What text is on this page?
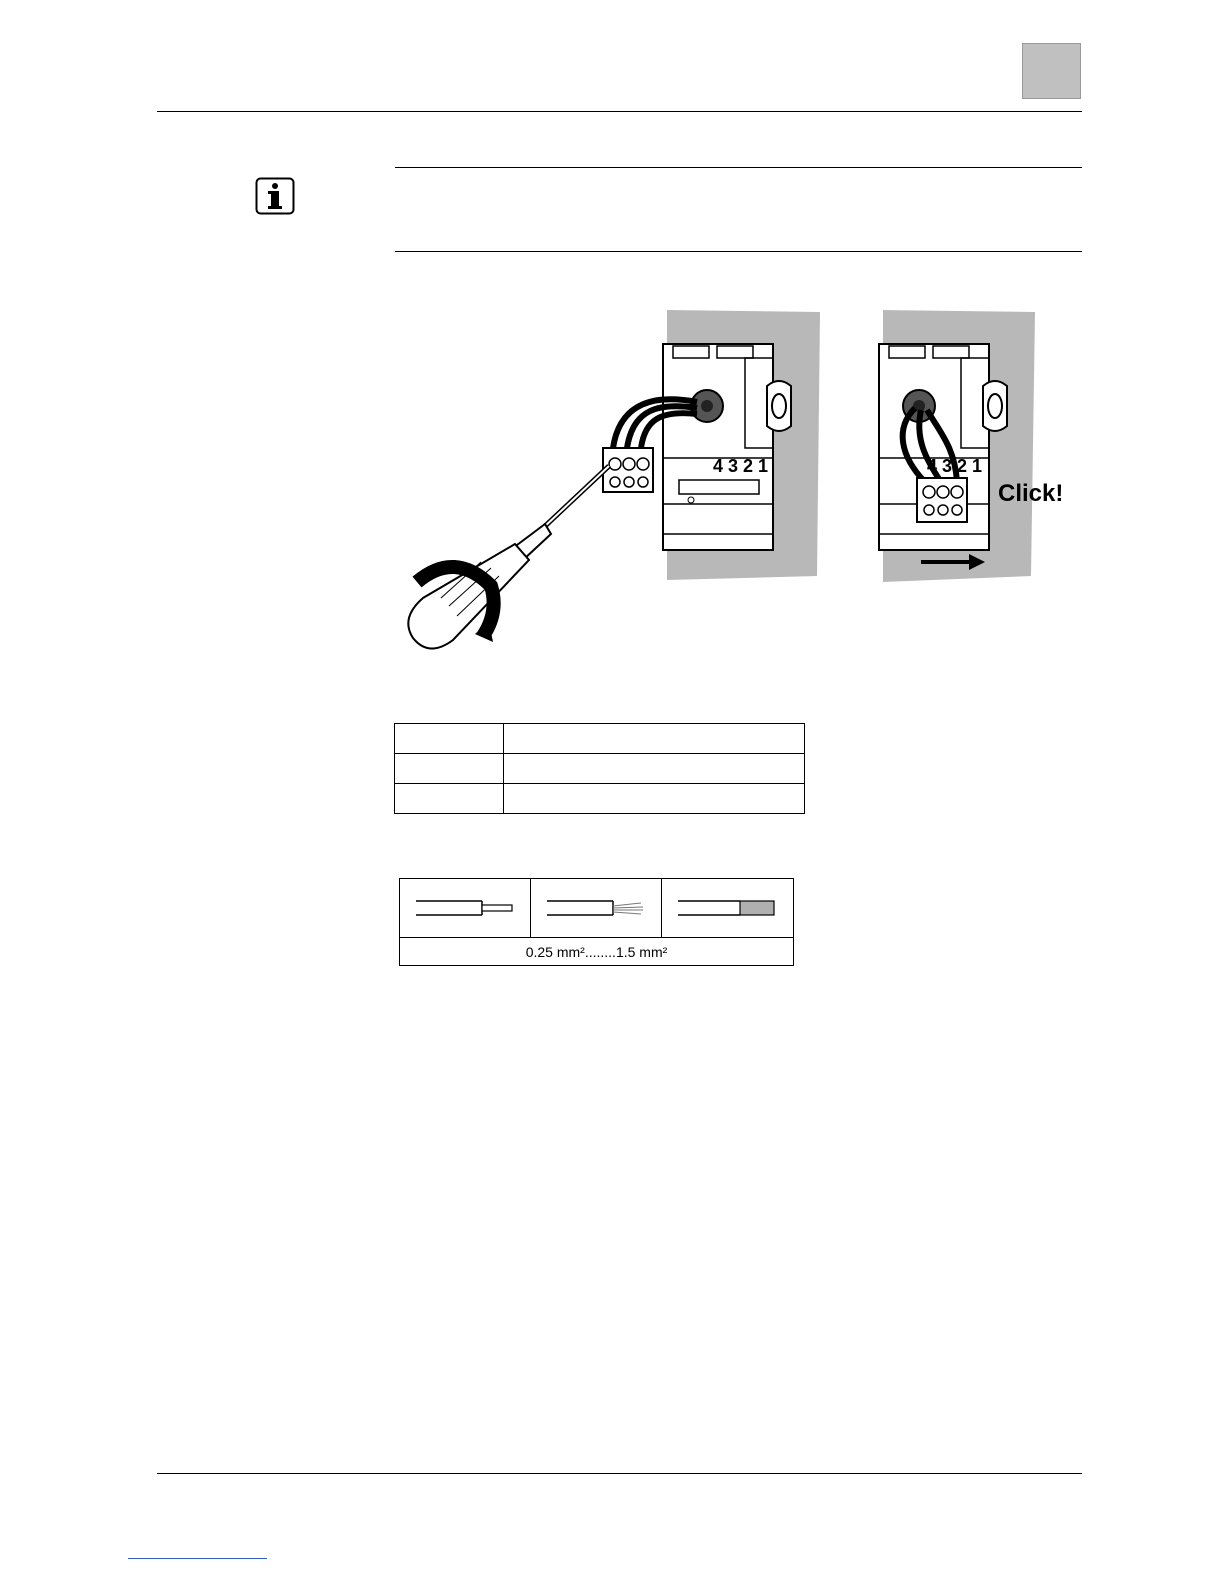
4 3 2 1	4 3 2 1
Click!

0.25 mm²........1.5 mm²
